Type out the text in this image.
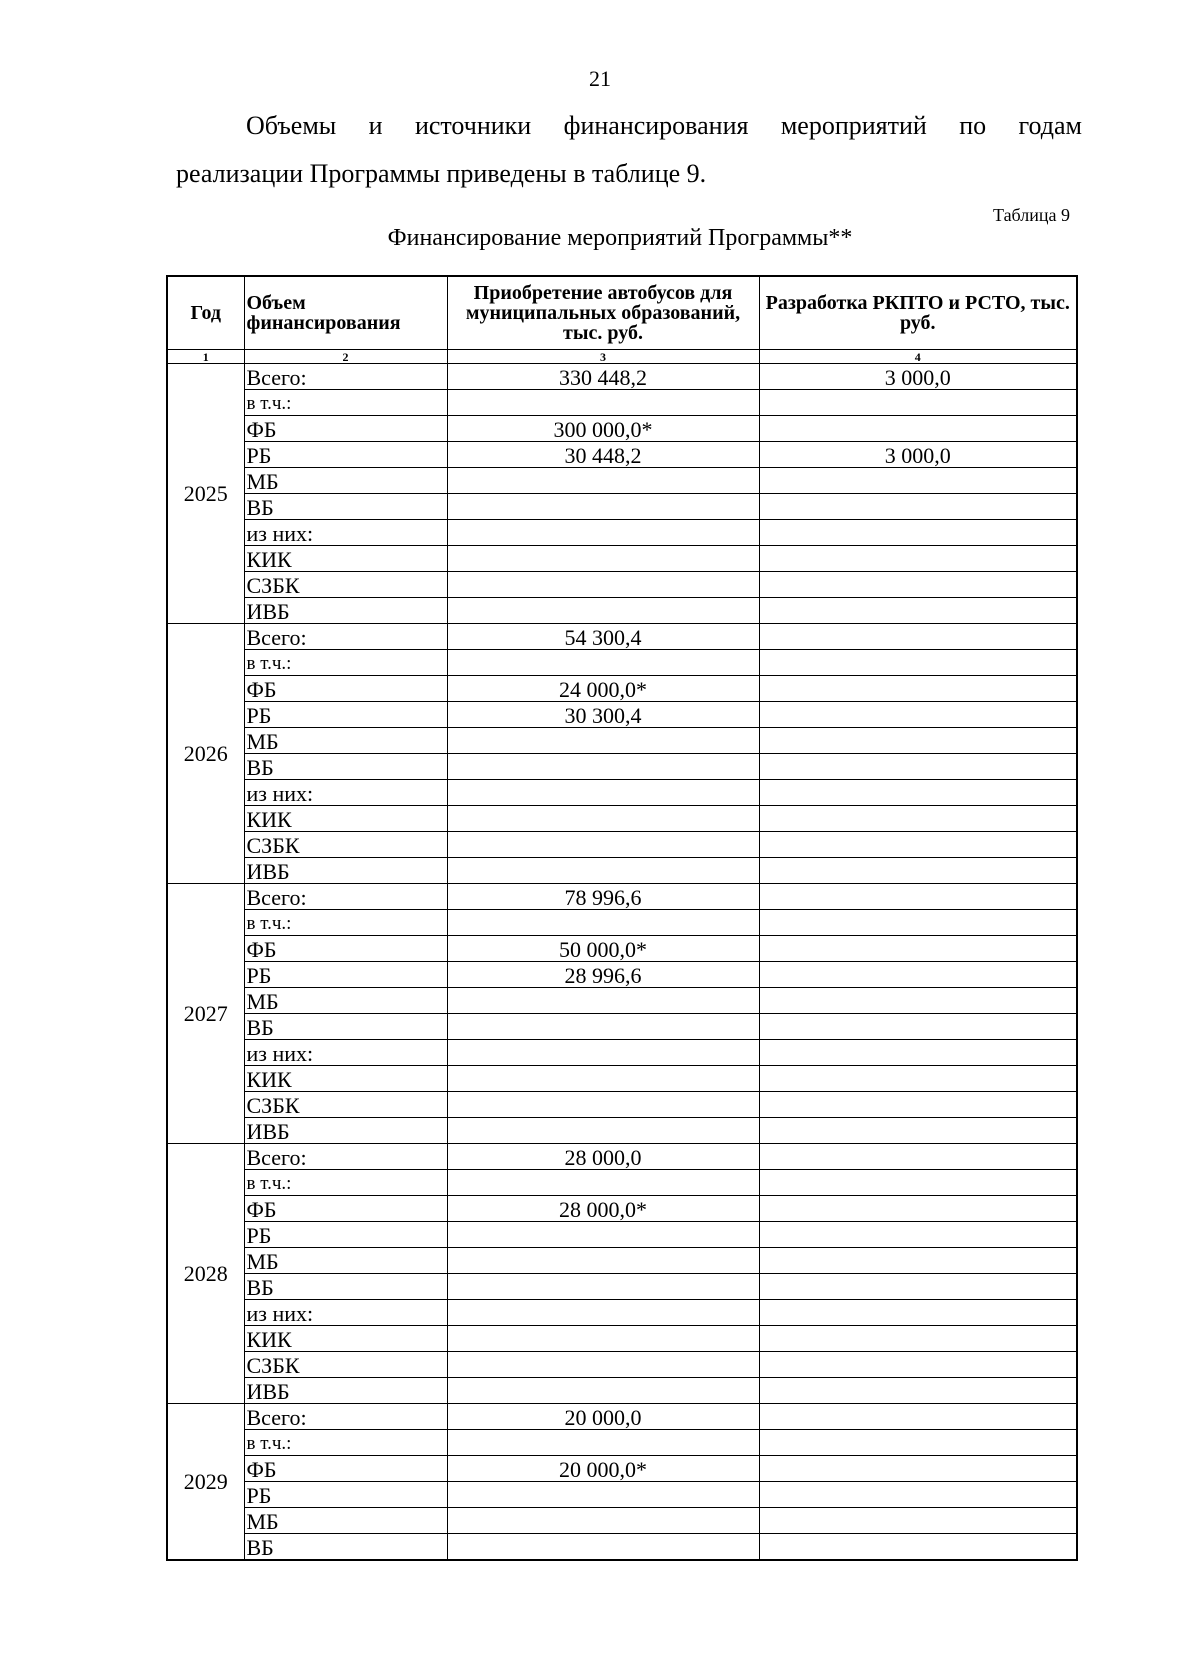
21
Объемы и источники финансирования мероприятий по годам
реализации Программы приведены в таблице 9.
Таблица 9
Финансирование мероприятий Программы**
Год	Объем финансирования	Приобретение автобусов для муниципальных образований, тыс. руб.	Разработка РКПТО и РСТО, тыс. руб.
1	2	3	4
2025	Всего:	330 448,2	3 000,0
	в т.ч.:		
	ФБ	300 000,0*	
	РБ	30 448,2	3 000,0
	МБ		
	ВБ		
	из них:		
	КИК		
	СЗБК		
	ИВБ		
2026	Всего:	54 300,4	
	в т.ч.:		
	ФБ	24 000,0*	
	РБ	30 300,4	
	МБ		
	ВБ		
	из них:		
	КИК		
	СЗБК		
	ИВБ		
2027	Всего:	78 996,6	
	в т.ч.:		
	ФБ	50 000,0*	
	РБ	28 996,6	
	МБ		
	ВБ		
	из них:		
	КИК		
	СЗБК		
	ИВБ		
2028	Всего:	28 000,0	
	в т.ч.:		
	ФБ	28 000,0*	
	РБ		
	МБ		
	ВБ		
	из них:		
	КИК		
	СЗБК		
	ИВБ		
2029	Всего:	20 000,0	
	в т.ч.:		
	ФБ	20 000,0*	
	РБ		
	МБ		
	ВБ		
